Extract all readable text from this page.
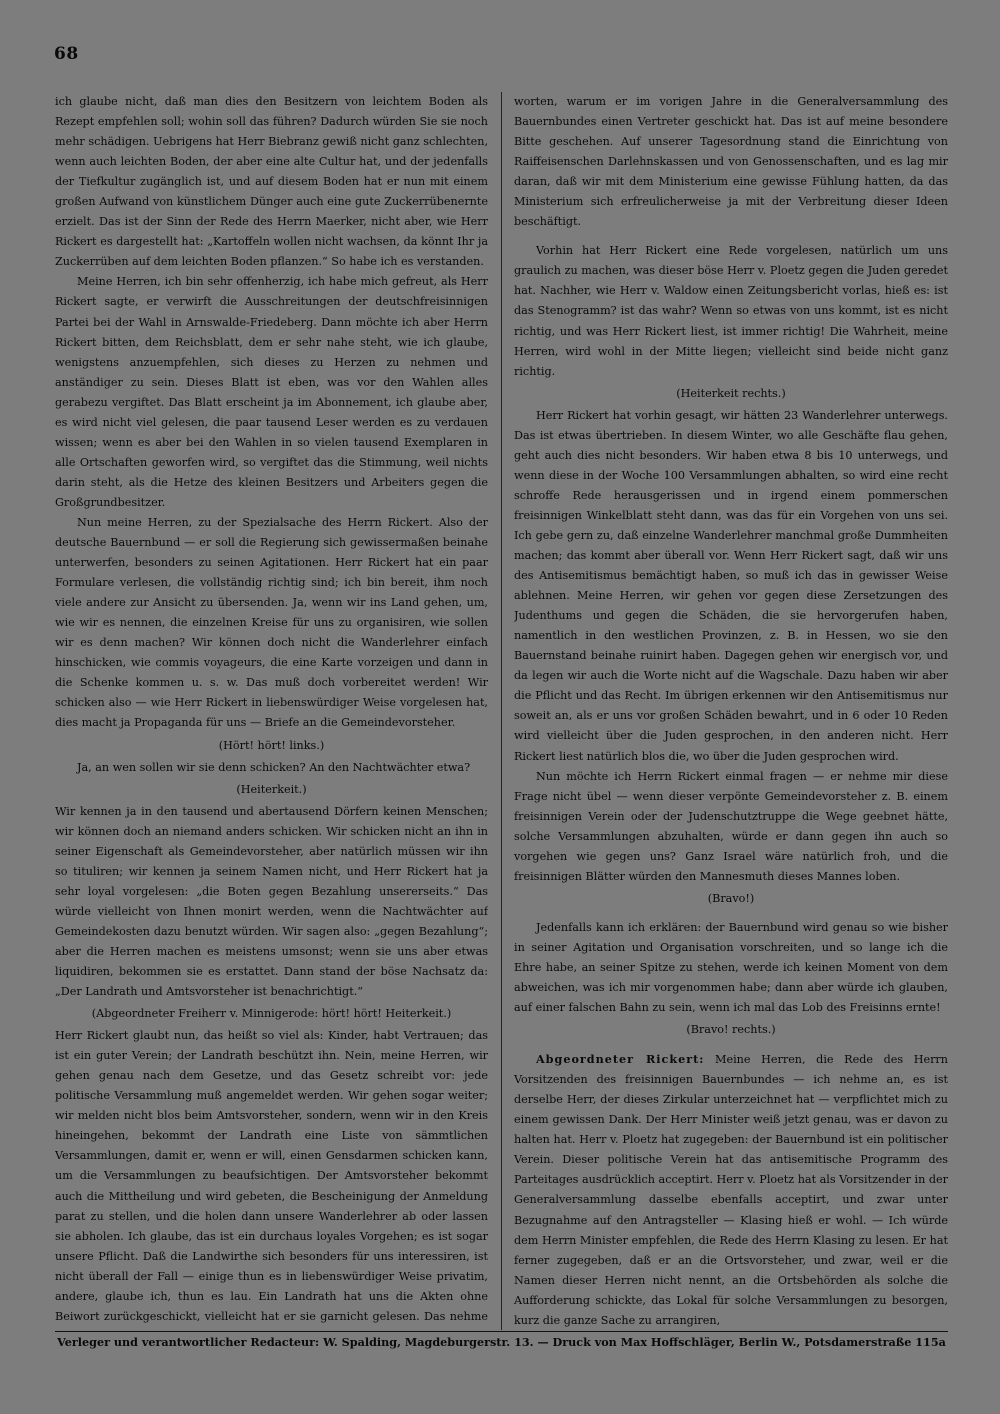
68

ich glaube nicht, daß man dies den Besitzern von leichtem Boden als Rezept empfehlen soll; wohin soll das führen? Dadurch würden Sie sie noch mehr schädigen. Uebrigens hat Herr Biebranz gewiß nicht ganz schlechten, wenn auch leichten Boden, der aber eine alte Cultur hat, und der jedenfalls der Tiefkultur zugänglich ist, und auf diesem Boden hat er nun mit einem großen Aufwand von künstlichem Dünger auch eine gute Zuckerrübenernte erzielt. Das ist der Sinn der Rede des Herrn Maerker, nicht aber, wie Herr Rickert es dargestellt hat: „Kartoffeln wollen nicht wachsen, da könnt Ihr ja Zuckerrüben auf dem leichten Boden pflanzen.“ So habe ich es verstanden.

Meine Herren, ich bin sehr offenherzig, ich habe mich gefreut, als Herr Rickert sagte, er verwirft die Ausschreitungen der deutschfreisinnigen Partei bei der Wahl in Arnswalde-Friedeberg. Dann möchte ich aber Herrn Rickert bitten, dem Reichsblatt, dem er sehr nahe steht, wie ich glaube, wenigstens anzuempfehlen, sich dieses zu Herzen zu nehmen und anständiger zu sein. Dieses Blatt ist eben, was vor den Wahlen alles gerabezu vergiftet. Das Blatt erscheint ja im Abonnement, ich glaube aber, es wird nicht viel gelesen, die paar tausend Leser werden es zu verdauen wissen; wenn es aber bei den Wahlen in so vielen tausend Exemplaren in alle Ortschaften geworfen wird, so vergiftet das die Stimmung, weil nichts darin steht, als die Hetze des kleinen Besitzers und Arbeiters gegen die Großgrundbesitzer.

Nun meine Herren, zu der Spezialsache des Herrn Rickert. Also der deutsche Bauernbund — er soll die Regierung sich gewissermaßen beinahe unterwerfen, besonders zu seinen Agitationen. Herr Rickert hat ein paar Formulare verlesen, die vollständig richtig sind; ich bin bereit, ihm noch viele andere zur Ansicht zu übersenden. Ja, wenn wir ins Land gehen, um, wie wir es nennen, die einzelnen Kreise für uns zu organisiren, wie sollen wir es denn machen? Wir können doch nicht die Wanderlehrer einfach hinschicken, wie commis voyageurs, die eine Karte vorzeigen und dann in die Schenke kommen u. s. w. Das muß doch vorbereitet werden! Wir schicken also — wie Herr Rickert in liebenswürdiger Weise vorgelesen hat, dies macht ja Propaganda für uns — Briefe an die Gemeindevorsteher.

(Hört! hört! links.)

Ja, an wen sollen wir sie denn schicken? An den Nachtwächter etwa?

(Heiterkeit.)

Wir kennen ja in den tausend und abertausend Dörfern keinen Menschen; wir können doch an niemand anders schicken. Wir schicken nicht an ihn in seiner Eigenschaft als Gemeindevorsteher, aber natürlich müssen wir ihn so tituliren; wir kennen ja seinem Namen nicht, und Herr Rickert hat ja sehr loyal vorgelesen: „die Boten gegen Bezahlung unsererseits.“ Das würde vielleicht von Ihnen monirt werden, wenn die Nachtwächter auf Gemeindekosten dazu benutzt würden. Wir sagen also: „gegen Bezahlung“; aber die Herren machen es meistens umsonst; wenn sie uns aber etwas liquidiren, bekommen sie es erstattet. Dann stand der böse Nachsatz da: „Der Landrath und Amtsvorsteher ist benachrichtigt.“

(Abgeordneter Freiherr v. Minnigerode: hört! hört! Heiterkeit.)

Herr Rickert glaubt nun, das heißt so viel als: Kinder, habt Vertrauen; das ist ein guter Verein; der Landrath beschützt ihn. Nein, meine Herren, wir gehen genau nach dem Gesetze, und das Gesetz schreibt vor: jede politische Versammlung muß angemeldet werden. Wir gehen sogar weiter; wir melden nicht blos beim Amtsvorsteher, sondern, wenn wir in den Kreis hineingehen, bekommt der Landrath eine Liste von sämmtlichen Versammlungen, damit er, wenn er will, einen Gensdarmen schicken kann, um die Versammlungen zu beaufsichtigen. Der Amtsvorsteher bekommt auch die Mittheilung und wird gebeten, die Bescheinigung der Anmeldung parat zu stellen, und die holen dann unsere Wanderlehrer ab oder lassen sie abholen. Ich glaube, das ist ein durchaus loyales Vorgehen; es ist sogar unsere Pflicht. Daß die Landwirthe sich besonders für uns interessiren, ist nicht überall der Fall — einige thun es in liebenswürdiger Weise privatim, andere, glaube ich, thun es lau. Ein Landrath hat uns die Akten ohne Beiwort zurückgeschickt, vielleicht hat er sie garnicht gelesen. Das nehme

worten, warum er im vorigen Jahre in die Generalversammlung des Bauernbundes einen Vertreter geschickt hat. Das ist auf meine besondere Bitte geschehen. Auf unserer Tagesordnung stand die Einrichtung von Raiffeisenschen Darlehnskassen und von Genossenschaften, und es lag mir daran, daß wir mit dem Ministerium eine gewisse Fühlung hatten, da das Ministerium sich erfreulicherweise ja mit der Verbreitung dieser Ideen beschäftigt.

Vorhin hat Herr Rickert eine Rede vorgelesen, natürlich um uns graulich zu machen, was dieser böse Herr v. Ploetz gegen die Juden geredet hat. Nachher, wie Herr v. Waldow einen Zeitungsbericht vorlas, hieß es: ist das Stenogramm? ist das wahr? Wenn so etwas von uns kommt, ist es nicht richtig, und was Herr Rickert liest, ist immer richtig! Die Wahrheit, meine Herren, wird wohl in der Mitte liegen; vielleicht sind beide nicht ganz richtig.

(Heiterkeit rechts.)

Herr Rickert hat vorhin gesagt, wir hätten 23 Wanderlehrer unterwegs. Das ist etwas übertrieben. In diesem Winter, wo alle Geschäfte flau gehen, geht auch dies nicht besonders. Wir haben etwa 8 bis 10 unterwegs, und wenn diese in der Woche 100 Versammlungen abhalten, so wird eine recht schroffe Rede herausgerissen und in irgend einem pommerschen freisinnigen Winkelblatt steht dann, was das für ein Vorgehen von uns sei. Ich gebe gern zu, daß einzelne Wanderlehrer manchmal große Dummheiten machen; das kommt aber überall vor. Wenn Herr Rickert sagt, daß wir uns des Antisemitismus bemächtigt haben, so muß ich das in gewisser Weise ablehnen. Meine Herren, wir gehen vor gegen diese Zersetzungen des Judenthums und gegen die Schäden, die sie hervorgerufen haben, namentlich in den westlichen Provinzen, z. B. in Hessen, wo sie den Bauernstand beinahe ruinirt haben. Dagegen gehen wir energisch vor, und da legen wir auch die Worte nicht auf die Wagschale. Dazu haben wir aber die Pflicht und das Recht. Im übrigen erkennen wir den Antisemitismus nur soweit an, als er uns vor großen Schäden bewahrt, und in 6 oder 10 Reden wird vielleicht über die Juden gesprochen, in den anderen nicht. Herr Rickert liest natürlich blos die, wo über die Juden gesprochen wird.

Nun möchte ich Herrn Rickert einmal fragen — er nehme mir diese Frage nicht übel — wenn dieser verpönte Gemeindevorsteher z. B. einem freisinnigen Verein oder der Judenschutztruppe die Wege geebnet hätte, solche Versammlungen abzuhalten, würde er dann gegen ihn auch so vorgehen wie gegen uns? Ganz Israel wäre natürlich froh, und die freisinnigen Blätter würden den Mannesmuth dieses Mannes loben.

(Bravo!)

Jedenfalls kann ich erklären: der Bauernbund wird genau so wie bisher in seiner Agitation und Organisation vorschreiten, und so lange ich die Ehre habe, an seiner Spitze zu stehen, werde ich keinen Moment von dem abweichen, was ich mir vorgenommen habe; dann aber würde ich glauben, auf einer falschen Bahn zu sein, wenn ich mal das Lob des Freisinns ernte!

(Bravo! rechts.)

Abgeordneter Rickert: Meine Herren, die Rede des Herrn Vorsitzenden des freisinnigen Bauernbundes — ich nehme an, es ist derselbe Herr, der dieses Zirkular unterzeichnet hat — verpflichtet mich zu einem gewissen Dank. Der Herr Minister weiß jetzt genau, was er davon zu halten hat. Herr v. Ploetz hat zugegeben: der Bauernbund ist ein politischer Verein. Dieser politische Verein hat das antisemitische Programm des Parteitages ausdrücklich acceptirt. Herr v. Ploetz hat als Vorsitzender in der Generalversammlung dasselbe ebenfalls acceptirt, und zwar unter Bezugnahme auf den Antragsteller — Klasing hieß er wohl. — Ich würde dem Herrn Minister empfehlen, die Rede des Herrn Klasing zu lesen. Er hat ferner zugegeben, daß er an die Ortsvorsteher, und zwar, weil er die Namen dieser Herren nicht nennt, an die Ortsbehörden als solche die Aufforderung schickte, das Lokal für solche Versammlungen zu besorgen, kurz die ganze Sache zu arrangiren,

Verleger und verantwortlicher Redacteur: W. Spalding, Magdeburgerstr. 13. — Druck von Max Hoffschläger, Berlin W., Potsdamerstraße 115a
